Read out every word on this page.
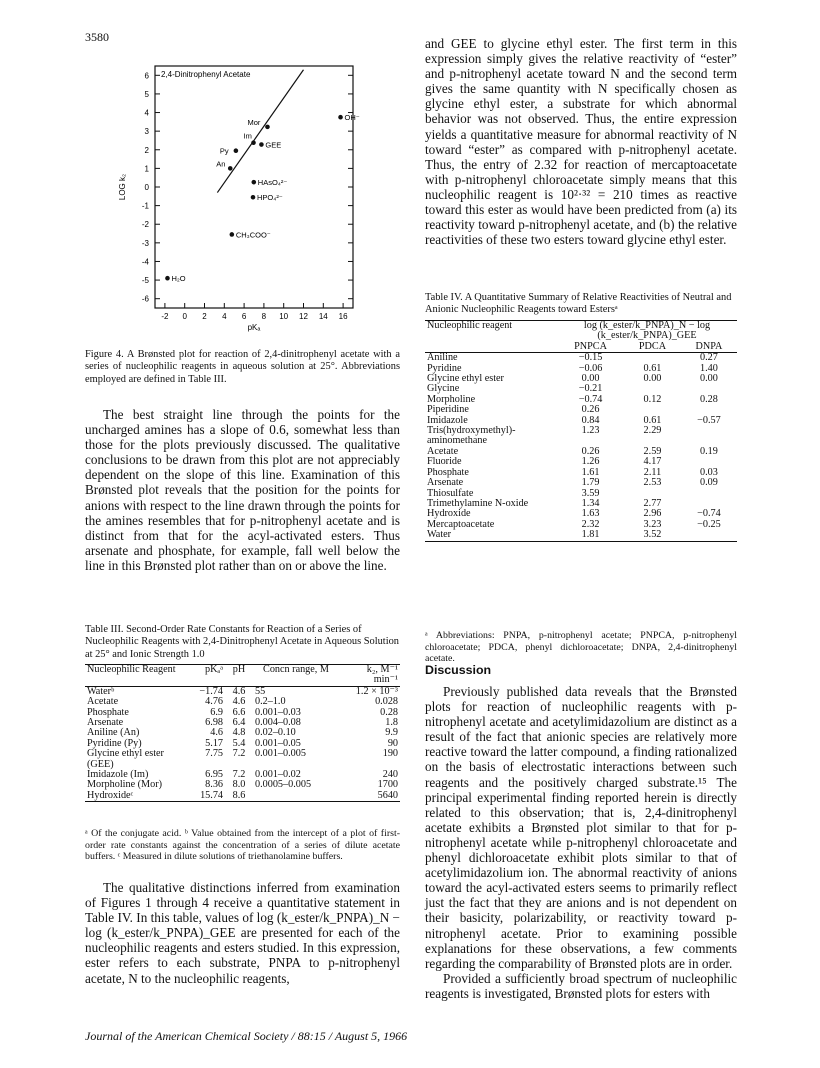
3580
6
5
4
3
2
1
0
-1
-2
-3
-4
-5
-6
-2 0 2 4 6 8 10 12 14 16
2,4-Dinitrophenyl Acetate
LOG k₂
pKₐ
OH⁻
Mor
Im
GEE
Py
An
HAsO₄²⁻
HPO₄²⁻
CH₃COO⁻
H₂O
Figure 4. A Brønsted plot for reaction of 2,4-dinitrophenyl acetate with a series of nucleophilic reagents in aqueous solution at 25°. Abbreviations employed are defined in Table III.
The best straight line through the points for the uncharged amines has a slope of 0.6, somewhat less than those for the plots previously discussed. The qualitative conclusions to be drawn from this plot are not appreciably dependent on the slope of this line. Examination of this Brønsted plot reveals that the position for the points for anions with respect to the line drawn through the points for the amines resembles that for p-nitrophenyl acetate and is distinct from that for the acyl-activated esters. Thus arsenate and phosphate, for example, fall well below the line in this Brønsted plot rather than on or above the line.
Table III. Second-Order Rate Constants for Reaction of a Series of Nucleophilic Reagents with 2,4-Dinitrophenyl Acetate in Aqueous Solution at 25° and Ionic Strength 1.0
Nucleophilic Reagent	pKₐᵃ	pH	Concn range, M	k₂, M⁻¹ min⁻¹
Waterᵇ	−1.74	4.6	55	1.2 × 10⁻³
Acetate	4.76	4.6	0.2–1.0	0.028
Phosphate	6.9	6.6	0.001–0.03	0.28
Arsenate	6.98	6.4	0.004–0.08	1.8
Aniline (An)	4.6	4.8	0.02–0.10	9.9
Pyridine (Py)	5.17	5.4	0.001–0.05	90
Glycine ethyl ester (GEE)	7.75	7.2	0.001–0.005	190
Imidazole (Im)	6.95	7.2	0.001–0.02	240
Morpholine (Mor)	8.36	8.0	0.0005–0.005	1700
Hydroxideᶜ	15.74	8.6		5640
ᵃ Of the conjugate acid. ᵇ Value obtained from the intercept of a plot of first-order rate constants against the concentration of a series of dilute acetate buffers. ᶜ Measured in dilute solutions of triethanolamine buffers.
The qualitative distinctions inferred from examination of Figures 1 through 4 receive a quantitative statement in Table IV. In this table, values of log (k_ester/k_PNPA)_N − log (k_ester/k_PNPA)_GEE are presented for each of the nucleophilic reagents and esters studied. In this expression, ester refers to each substrate, PNPA to p-nitrophenyl acetate, N to the nucleophilic reagents,
and GEE to glycine ethyl ester. The first term in this expression simply gives the relative reactivity of “ester” and p-nitrophenyl acetate toward N and the second term gives the same quantity with N specifically chosen as glycine ethyl ester, a substrate for which abnormal behavior was not observed. Thus, the entire expression yields a quantitative measure for abnormal reactivity of N toward “ester” as compared with p-nitrophenyl acetate. Thus, the entry of 2.32 for reaction of mercaptoacetate with p-nitrophenyl chloroacetate simply means that this nucleophilic reagent is 10²·³² = 210 times as reactive toward this ester as would have been predicted from (a) its reactivity toward p-nitrophenyl acetate, and (b) the relative reactivities of these two esters toward glycine ethyl ester.
Table IV. A Quantitative Summary of Relative Reactivities of Neutral and Anionic Nucleophilic Reagents toward Estersᵃ
Nucleophilic reagent	log (k_ester/k_PNPA)_N − log (k_ester/k_PNPA)_GEE		
	PNPCA	PDCA	DNPA
Aniline	−0.15		0.27
Pyridine	−0.06	0.61	1.40
Glycine ethyl ester	0.00	0.00	0.00
Glycine	−0.21		
Morpholine	−0.74	0.12	0.28
Piperidine	0.26		
Imidazole	0.84	0.61	−0.57
Tris(hydroxymethyl)-aminomethane	1.23	2.29	
Acetate	0.26	2.59	0.19
Fluoride	1.26	4.17	
Phosphate	1.61	2.11	0.03
Arsenate	1.79	2.53	0.09
Thiosulfate	3.59		
Trimethylamine N-oxide	1.34	2.77	
Hydroxide	1.63	2.96	−0.74
Mercaptoacetate	2.32	3.23	−0.25
Water	1.81	3.52	
ᵃ Abbreviations: PNPA, p-nitrophenyl acetate; PNPCA, p-nitrophenyl chloroacetate; PDCA, phenyl dichloroacetate; DNPA, 2,4-dinitrophenyl acetate.
Discussion
Previously published data reveals that the Brønsted plots for reaction of nucleophilic reagents with p-nitrophenyl acetate and acetylimidazolium are distinct as a result of the fact that anionic species are relatively more reactive toward the latter compound, a finding rationalized on the basis of electrostatic interactions between such reagents and the positively charged substrate.¹⁵ The principal experimental finding reported herein is directly related to this observation; that is, 2,4-dinitrophenyl acetate exhibits a Brønsted plot similar to that for p-nitrophenyl acetate while p-nitrophenyl chloroacetate and phenyl dichloroacetate exhibit plots similar to that of acetylimidazolium ion. The abnormal reactivity of anions toward the acyl-activated esters seems to primarily reflect just the fact that they are anions and is not dependent on their basicity, polarizability, or reactivity toward p-nitrophenyl acetate. Prior to examining possible explanations for these observations, a few comments regarding the comparability of Brønsted plots are in order.
Provided a sufficiently broad spectrum of nucleophilic reagents is investigated, Brønsted plots for esters with
Journal of the American Chemical Society / 88:15 / August 5, 1966
